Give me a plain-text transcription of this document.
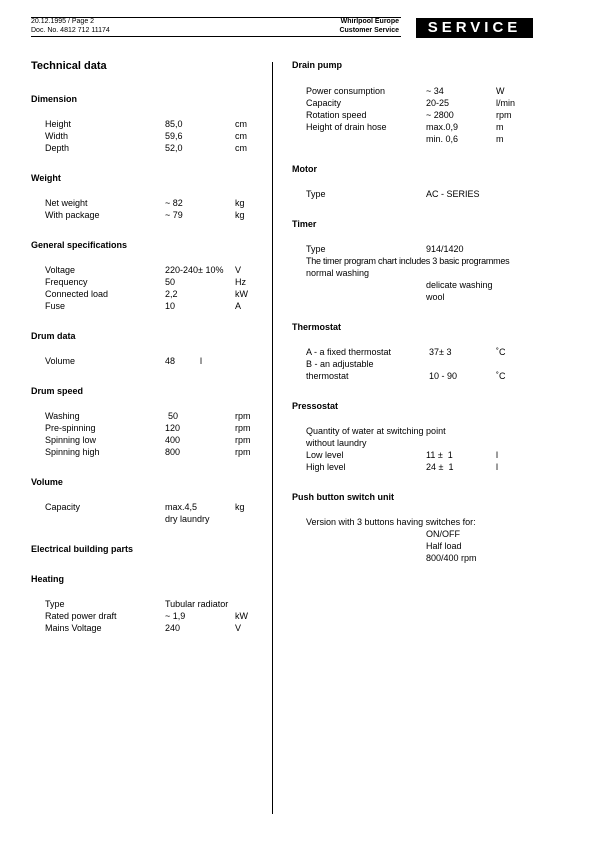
20.12.1995 / Page 2
Doc. No. 4812 712 11174
Whirlpool Europe
Customer Service	SERVICE
Technical data
Dimension
Height	85,0	cm
Width	59,6	cm
Depth	52,0	cm
Weight
Net weight	~ 82	kg
With package	~ 79	kg
General specifications
Voltage	220-240± 10% V
Frequency	50	Hz
Connected load	2,2	kW
Fuse	10	A
Drum data
Volume	48	l
Drum speed
Washing	50	rpm
Pre-spinning	120	rpm
Spinning low	400	rpm
Spinning high	800	rpm
Volume
Capacity	max.4,5	kg
dry laundry
Electrical building parts
Heating
Type	Tubular radiator
Rated power draft	~ 1,9	kW
Mains Voltage	240	V
Drain pump
Power consumption	~ 34	W
Capacity	20-25	l/min
Rotation speed	~ 2800	rpm
Height of drain hose	max.0,9	m
min. 0,6	m
Motor
Type	AC - SERIES
Timer
Type	914/1420
The timer program chart includes 3 basic programmes
normal washing
delicate washing
wool
Thermostat
A - a fixed thermostat	37± 3	˚C
B - an adjustable
thermostat	10 - 90	˚C
Pressostat
Quantity of water at switching point
without laundry
Low level	11 ±  1	l
High level	24 ±  1	l
Push button switch unit
Version with 3 buttons having switches for:
ON/OFF
Half load
800/400 rpm
